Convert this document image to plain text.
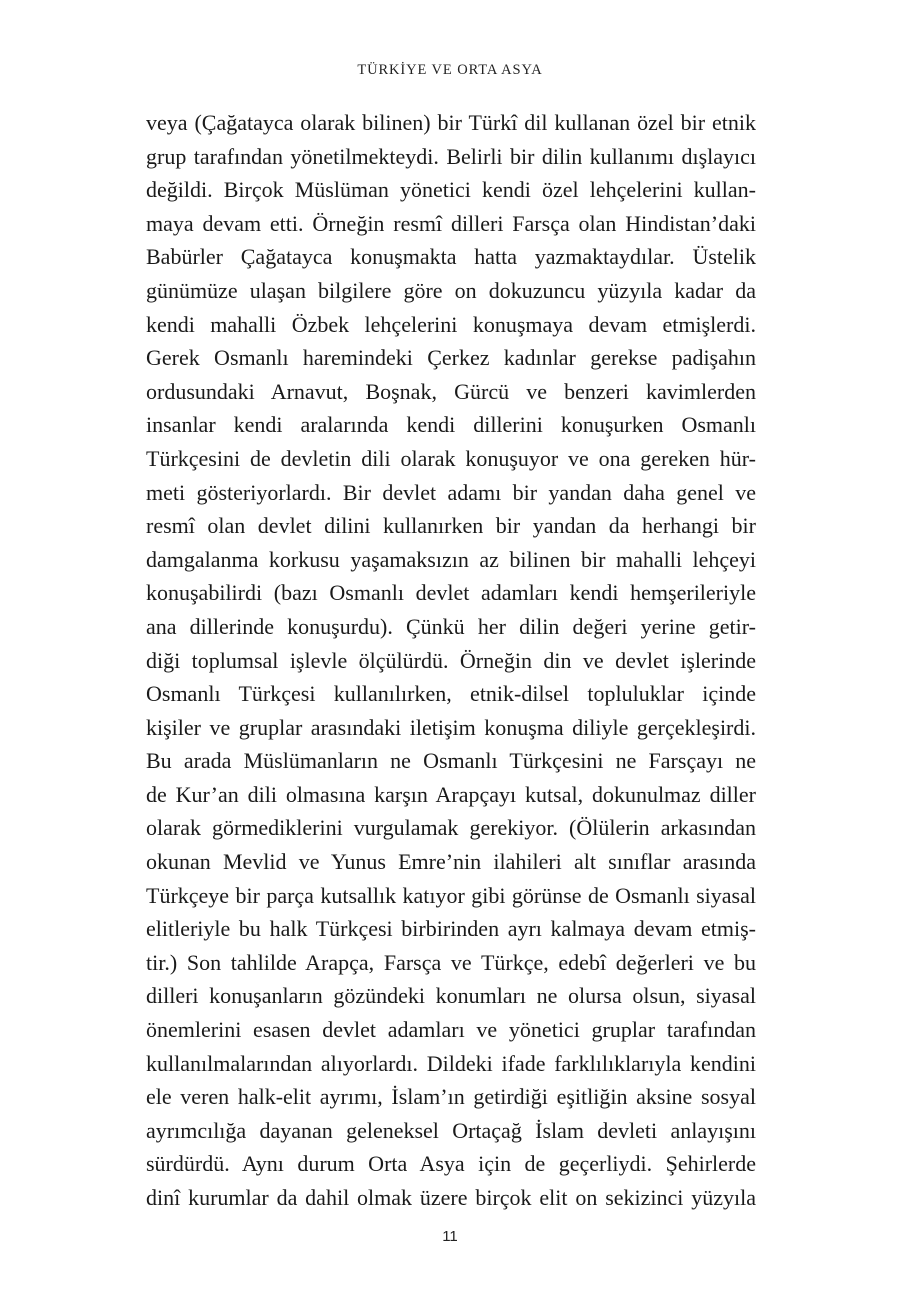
TÜRKİYE VE ORTA ASYA

veya (Çağatayca olarak bilinen) bir Türkî dil kullanan özel bir etnik
grup tarafından yönetilmekteydi. Belirli bir dilin kullanımı dışlayıcı
değildi. Birçok Müslüman yönetici kendi özel lehçelerini kullan-
maya devam etti. Örneğin resmî dilleri Farsça olan Hindistan’daki
Babürler Çağatayca konuşmakta hatta yazmaktaydılar. Üstelik
günümüze ulaşan bilgilere göre on dokuzuncu yüzyıla kadar da
kendi mahalli Özbek lehçelerini konuşmaya devam etmişlerdi.
Gerek Osmanlı haremindeki Çerkez kadınlar gerekse padişahın
ordusundaki Arnavut, Boşnak, Gürcü ve benzeri kavimlerden
insanlar kendi aralarında kendi dillerini konuşurken Osmanlı
Türkçesini de devletin dili olarak konuşuyor ve ona gereken hür-
meti gösteriyorlardı. Bir devlet adamı bir yandan daha genel ve
resmî olan devlet dilini kullanırken bir yandan da herhangi bir
damgalanma korkusu yaşamaksızın az bilinen bir mahalli lehçeyi
konuşabilirdi (bazı Osmanlı devlet adamları kendi hemşerileriyle
ana dillerinde konuşurdu). Çünkü her dilin değeri yerine getir-
diği toplumsal işlevle ölçülürdü. Örneğin din ve devlet işlerinde
Osmanlı Türkçesi kullanılırken, etnik-dilsel topluluklar içinde
kişiler ve gruplar arasındaki iletişim konuşma diliyle gerçekleşirdi.
Bu arada Müslümanların ne Osmanlı Türkçesini ne Farsçayı ne
de Kur’an dili olmasına karşın Arapçayı kutsal, dokunulmaz diller
olarak görmediklerini vurgulamak gerekiyor. (Ölülerin arkasından
okunan Mevlid ve Yunus Emre’nin ilahileri alt sınıflar arasında
Türkçeye bir parça kutsallık katıyor gibi görünse de Osmanlı siyasal
elitleriyle bu halk Türkçesi birbirinden ayrı kalmaya devam etmiş-
tir.) Son tahlilde Arapça, Farsça ve Türkçe, edebî değerleri ve bu
dilleri konuşanların gözündeki konumları ne olursa olsun, siyasal
önemlerini esasen devlet adamları ve yönetici gruplar tarafından
kullanılmalarından alıyorlardı. Dildeki ifade farklılıklarıyla kendini
ele veren halk-elit ayrımı, İslam’ın getirdiği eşitliğin aksine sosyal
ayrımcılığa dayanan geleneksel Ortaçağ İslam devleti anlayışını
sürdürdü. Aynı durum Orta Asya için de geçerliydi. Şehirlerde
dinî kurumlar da dahil olmak üzere birçok elit on sekizinci yüzyıla

11
